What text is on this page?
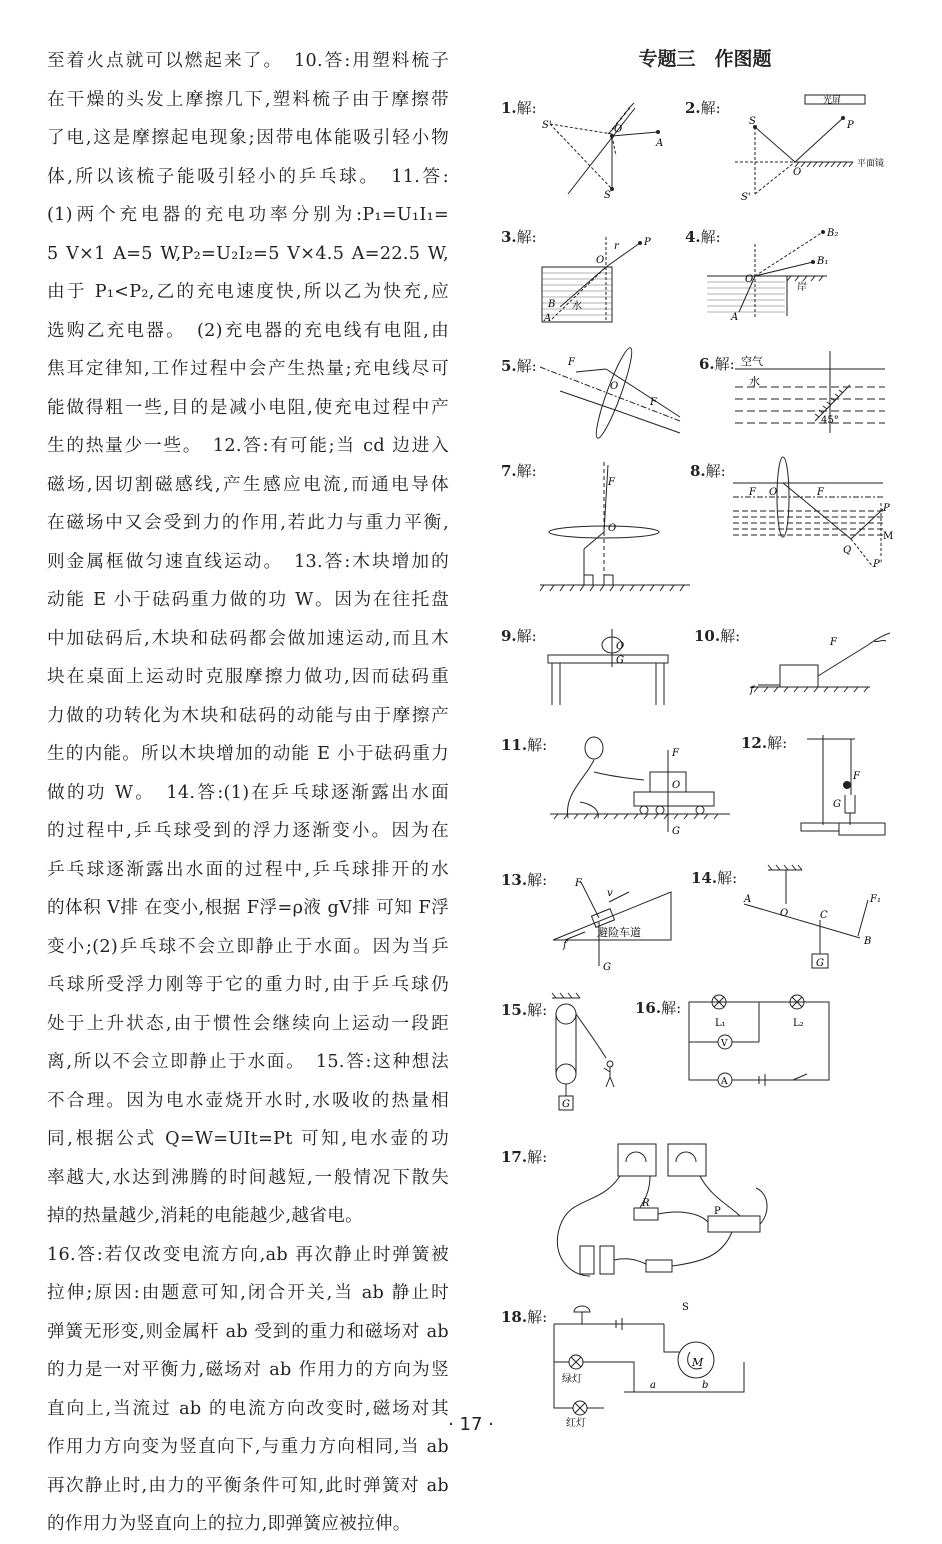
至着火点就可以燃起来了。　10.答:用塑料梳子
在干燥的头发上摩擦几下,塑料梳子由于摩擦带
了电,这是摩擦起电现象;因带电体能吸引轻小物
体,所以该梳子能吸引轻小的乒乓球。　11.答:
(1)两个充电器的充电功率分别为:P₁=U₁I₁=
5 V×1 A=5 W,P₂=U₂I₂=5 V×4.5 A=22.5 W,
由于 P₁<P₂,乙的充电速度快,所以乙为快充,应
选购乙充电器。　(2)充电器的充电线有电阻,由
焦耳定律知,工作过程中会产生热量;充电线尽可
能做得粗一些,目的是减小电阻,使充电过程中产
生的热量少一些。　12.答:有可能;当 cd 边进入
磁场,因切割磁感线,产生感应电流,而通电导体
在磁场中又会受到力的作用,若此力与重力平衡,
则金属框做匀速直线运动。　13.答:木块增加的
动能 E 小于砝码重力做的功 W。因为在往托盘
中加砝码后,木块和砝码都会做加速运动,而且木
块在桌面上运动时克服摩擦力做功,因而砝码重
力做的功转化为木块和砝码的动能与由于摩擦产
生的内能。所以木块增加的动能 E 小于砝码重力
做的功 W。　14.答:(1)在乒乓球逐渐露出水面
的过程中,乒乓球受到的浮力逐渐变小。因为在
乒乓球逐渐露出水面的过程中,乒乓球排开的水
的体积 V排 在变小,根据 F浮=ρ液 gV排 可知 F浮
变小;(2)乒乓球不会立即静止于水面。因为当乒
乓球所受浮力刚等于它的重力时,由于乒乓球仍
处于上升状态,由于惯性会继续向上运动一段距
离,所以不会立即静止于水面。　15.答:这种想法
不合理。因为电水壶烧开水时,水吸收的热量相
同,根据公式 Q=W=UIt=Pt 可知,电水壶的功
率越大,水达到沸腾的时间越短,一般情况下散失
掉的热量越少,消耗的电能越少,越省电。
16.答:若仅改变电流方向,ab 再次静止时弹簧被
拉伸;原因:由题意可知,闭合开关,当 ab 静止时
弹簧无形变,则金属杆 ab 受到的重力和磁场对 ab
的力是一对平衡力,磁场对 ab 作用力的方向为竖
直向上,当流过 ab 的电流方向改变时,磁场对其
作用力方向变为竖直向下,与重力方向相同,当 ab
再次静止时,由力的平衡条件可知,此时弹簧对 ab
的作用力为竖直向上的拉力,即弹簧应被拉伸。
专题三　作图题
1.解:	2.解:
3.解:	4.解:
5.解:	6.解:
7.解:	8.解:
9.解:	10.解:
11.解:	12.解:
13.解:	14.解:
15.解:	16.解:
17.解:
18.解:
S'	O
A
S
光屏
S	P
O
平面镜
S'
O
r	P
B
A
水
B₂
B₁
O
A
岸
F
O
F
空气
水
45°
F
O
F O	F
P
M
Q
P'
O
G
F
f
F
O
G
F
G
F
v
f
G
避险车道
A
O	C
B
F₁
G
G
V
A
L₁	L₂
R
P
S
M
a	b
绿灯
红灯
· 17 ·
